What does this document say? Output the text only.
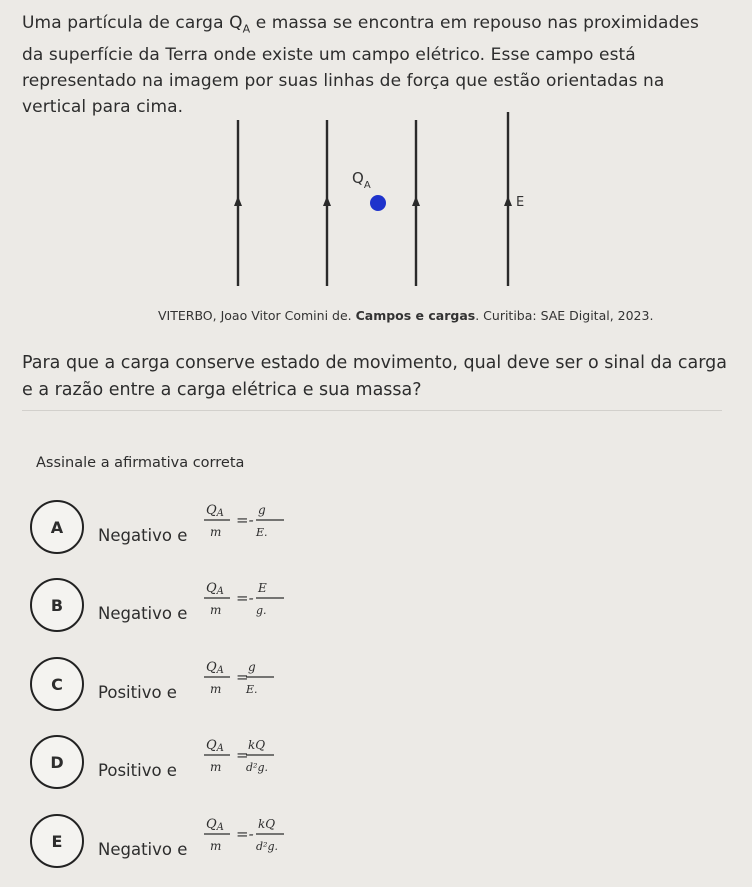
Uma partícula de carga $Q_A$ e massa se encontra em repouso nas proximidades da superfície da Terra onde existe um campo elétrico. Esse campo está representado na imagem por suas linhas de força que estão orientadas na vertical para cima.
$Q_A$
E
VITERBO, Joao Vitor Comini de. Campos e cargas. Curitiba: SAE Digital, 2023.
Para que a carga conserve estado de movimento, qual deve ser o sinal da carga e a razão entre a carga elétrica e sua massa?
Assinale a afirmativa correta
A	Negativo e
QA
m
=-
g
E.
B	Negativo e
QA
m
=-
E
g.
C	Positivo e
QA
m
=
g
E.
D	Positivo e
QA
m
=
kQ
d²g.
E	Negativo e
QA
m
=-
kQ
d²g.
